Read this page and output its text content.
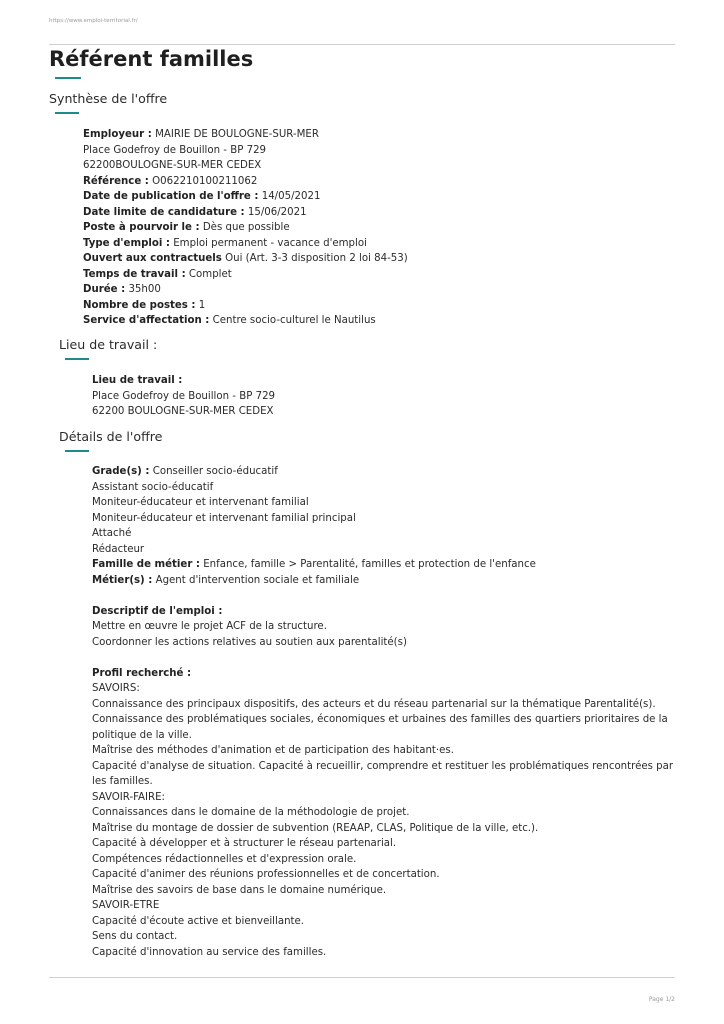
https://www.emploi-territorial.fr/
Référent familles
Synthèse de l'offre
Employeur : MAIRIE DE BOULOGNE-SUR-MER
Place Godefroy de Bouillon - BP 729
62200BOULOGNE-SUR-MER CEDEX
Référence : O062210100211062
Date de publication de l'offre : 14/05/2021
Date limite de candidature : 15/06/2021
Poste à pourvoir le : Dès que possible
Type d'emploi : Emploi permanent - vacance d'emploi
Ouvert aux contractuels Oui (Art. 3-3 disposition 2 loi 84-53)
Temps de travail : Complet
Durée : 35h00
Nombre de postes : 1
Service d'affectation : Centre socio-culturel le Nautilus
Lieu de travail :
Lieu de travail :
Place Godefroy de Bouillon - BP 729
62200 BOULOGNE-SUR-MER CEDEX
Détails de l'offre
Grade(s) : Conseiller socio-éducatif
Assistant socio-éducatif
Moniteur-éducateur et intervenant familial
Moniteur-éducateur et intervenant familial principal
Attaché
Rédacteur
Famille de métier : Enfance, famille > Parentalité, familles et protection de l'enfance
Métier(s) : Agent d'intervention sociale et familiale
Descriptif de l'emploi :
Mettre en œuvre le projet ACF de la structure.
Coordonner les actions relatives au soutien aux parentalité(s)
Profil recherché :
SAVOIRS:
Connaissance des principaux dispositifs, des acteurs et du réseau partenarial sur la thématique Parentalité(s).
Connaissance des problématiques sociales, économiques et urbaines des familles des quartiers prioritaires de la politique de la ville.
Maîtrise des méthodes d'animation et de participation des habitant·es.
Capacité d'analyse de situation. Capacité à recueillir, comprendre et restituer les problématiques rencontrées par les familles.
SAVOIR-FAIRE:
Connaissances dans le domaine de la méthodologie de projet.
Maîtrise du montage de dossier de subvention (REAAP, CLAS, Politique de la ville, etc.).
Capacité à développer et à structurer le réseau partenarial.
Compétences rédactionnelles et d'expression orale.
Capacité d'animer des réunions professionnelles et de concertation.
Maîtrise des savoirs de base dans le domaine numérique.
SAVOIR-ETRE
Capacité d'écoute active et bienveillante.
Sens du contact.
Capacité d'innovation au service des familles.
Page 1/2
